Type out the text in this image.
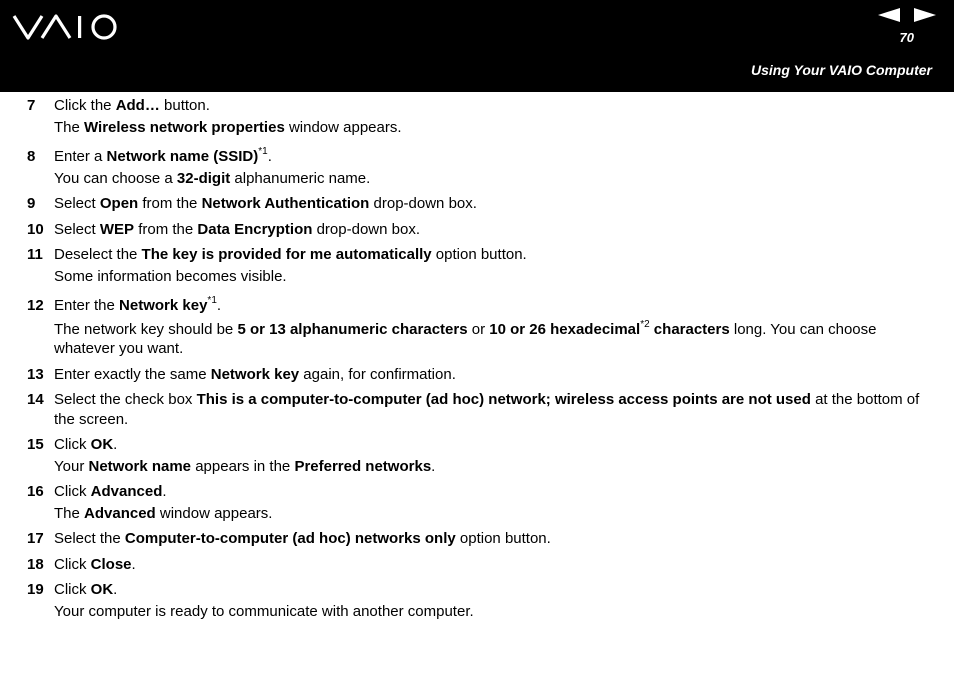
70
Using Your VAIO Computer
7	Click the Add… button.
The Wireless network properties window appears.
8	Enter a Network name (SSID)$^{*1}$.
You can choose a 32-digit alphanumeric name.
9	Select Open from the Network Authentication drop-down box.
10 Select WEP from the Data Encryption drop-down box.
11 Deselect the The key is provided for me automatically option button.
Some information becomes visible.
12 Enter the Network key$^{*1}$.
The network key should be 5 or 13 alphanumeric characters or 10 or 26 hexadecimal$^{*2}$ characters long. You can choose whatever you want.
13 Enter exactly the same Network key again, for confirmation.
14 Select the check box This is a computer-to-computer (ad hoc) network; wireless access points are not used at the bottom of the screen.
15 Click OK.
Your Network name appears in the Preferred networks.
16 Click Advanced.
The Advanced window appears.
17 Select the Computer-to-computer (ad hoc) networks only option button.
18 Click Close.
19 Click OK.
Your computer is ready to communicate with another computer.
